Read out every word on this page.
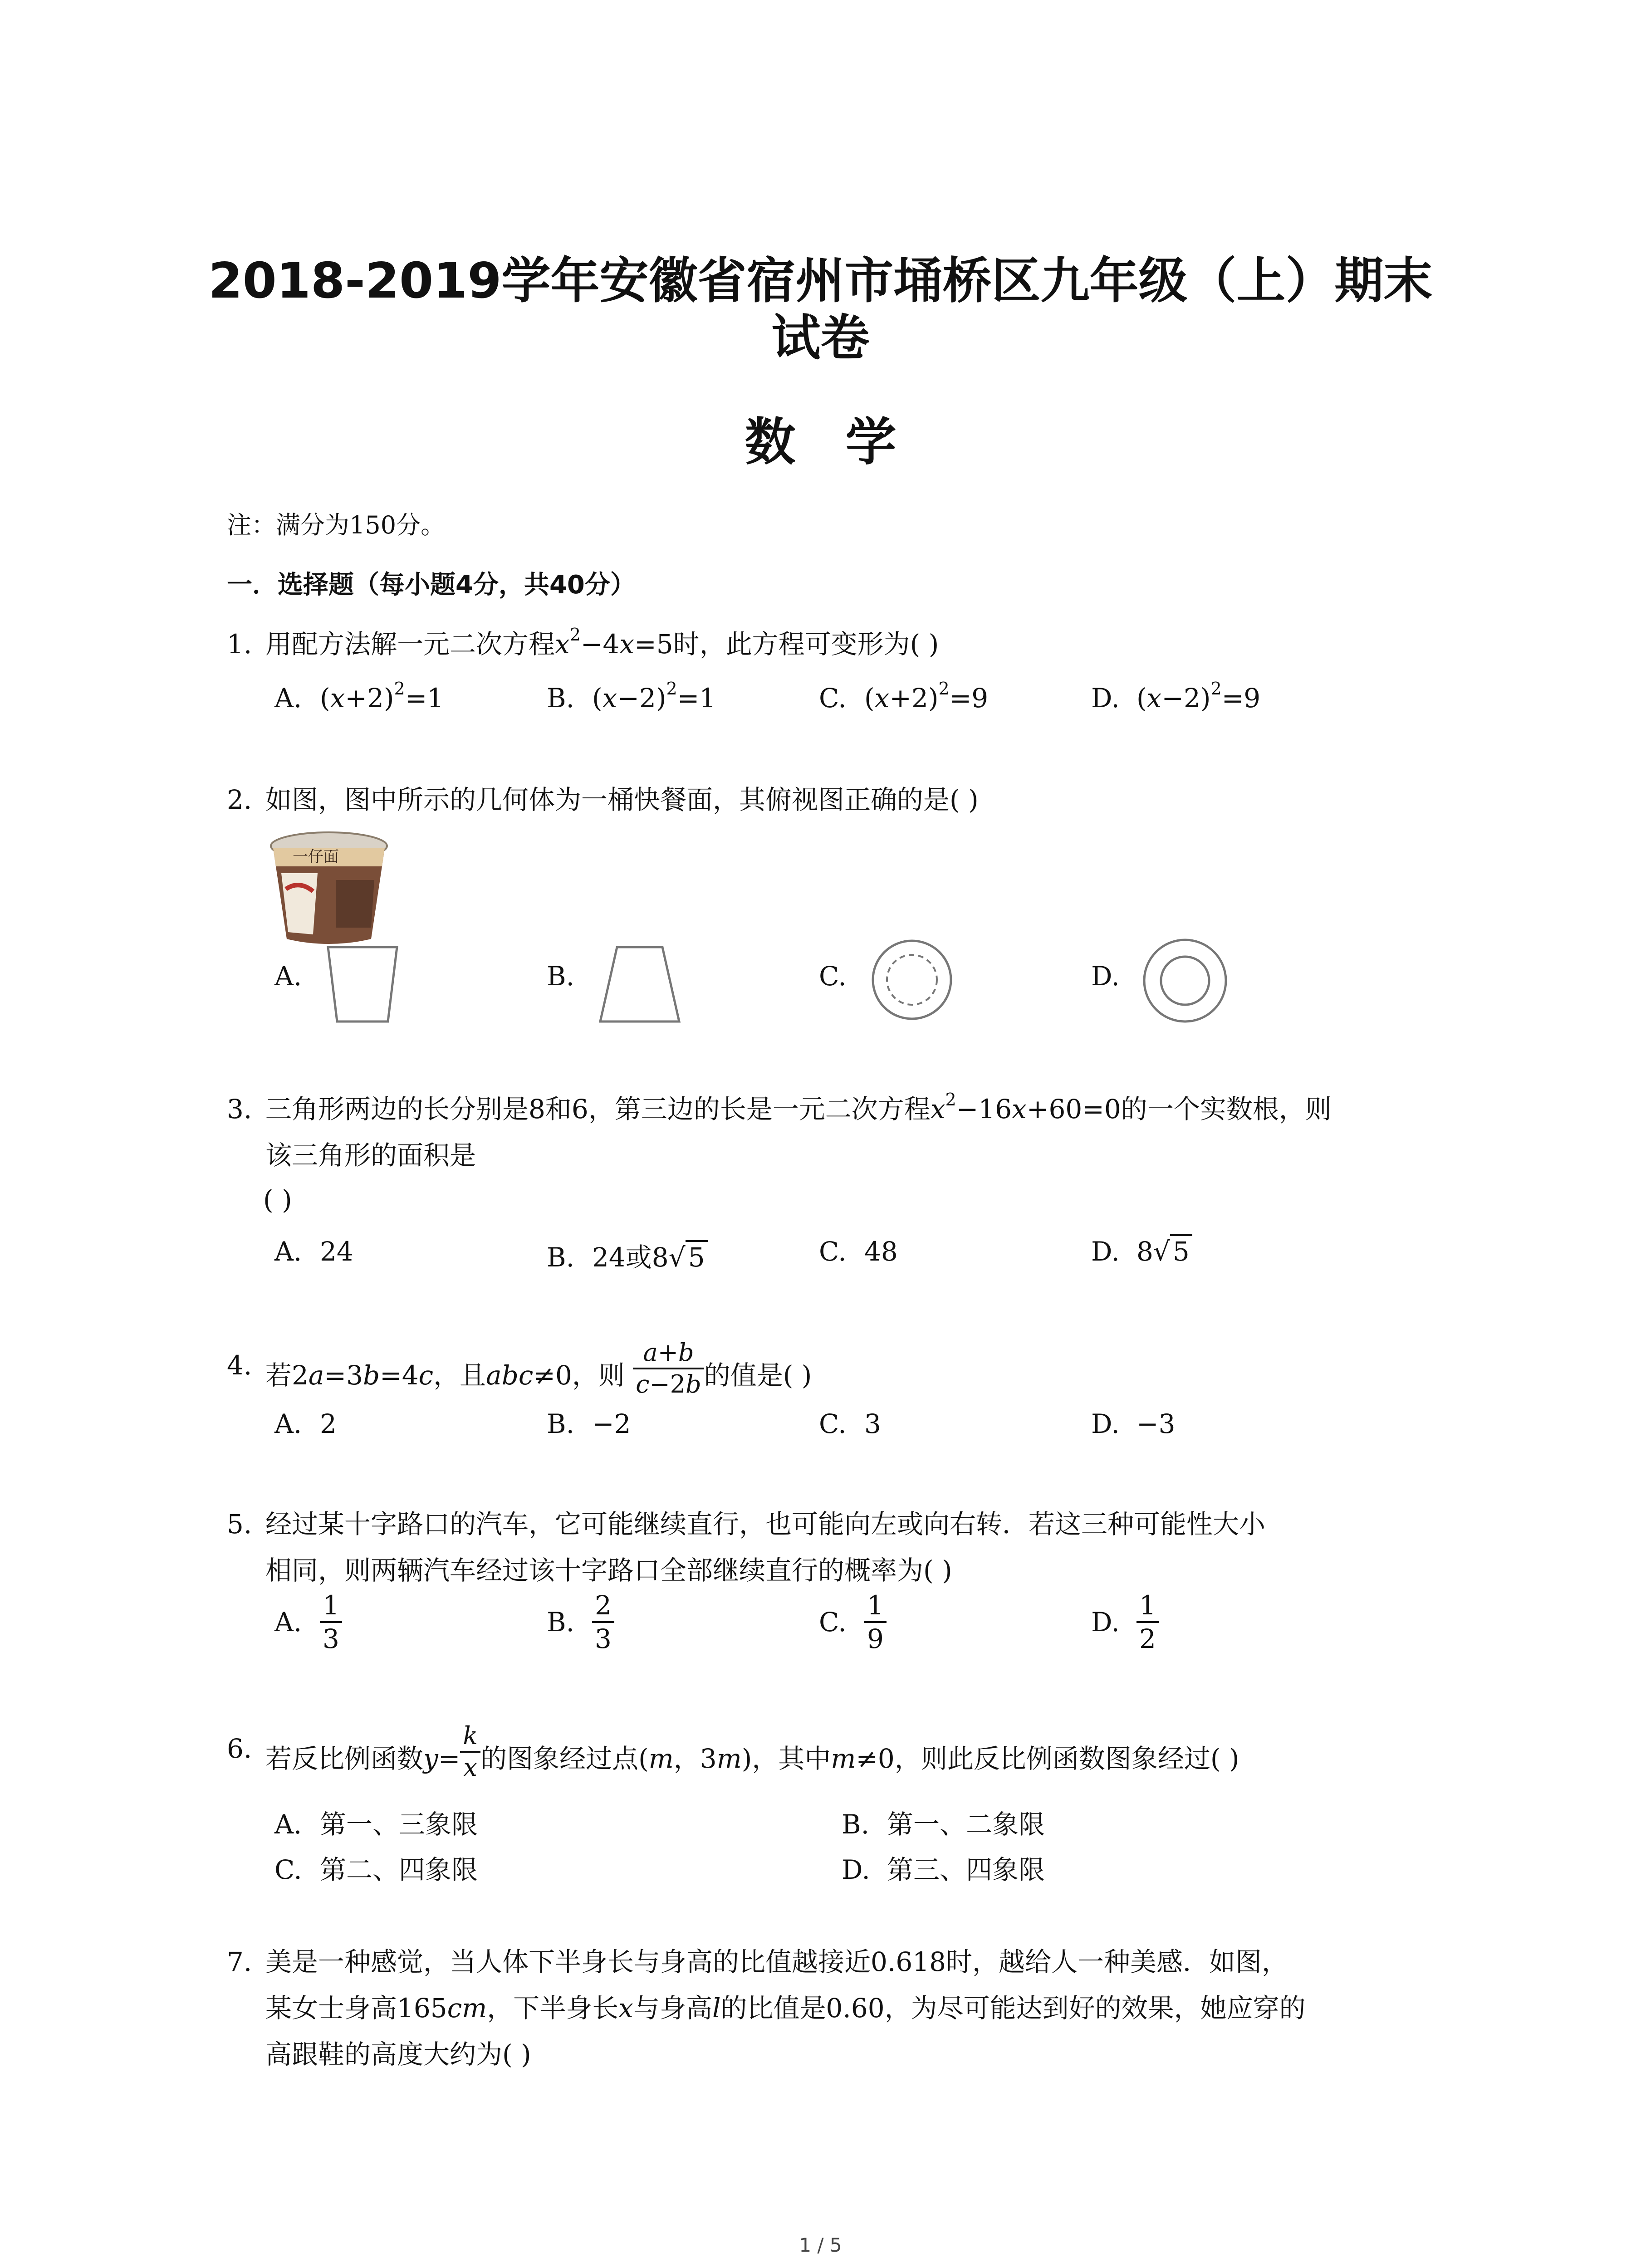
2018-2019学年安徽省宿州市埇桥区九年级（上）期末
试卷
数学
注：满分为150分。
一．选择题（每小题4分，共40分）
1. 用配方法解一元二次方程$x^2-4x=5$时，此方程可变形为( )
A. $(x+2)^2=1$	B. $(x-2)^2=1$	C. $(x+2)^2=9$	D. $(x-2)^2=9$
2. 如图，图中所示的几何体为一桶快餐面，其俯视图正确的是( )
一仔面
A.	B.	C.	D.
3. 三角形两边的长分别是8和6，第三边的长是一元二次方程$x^2-16x+60=0$的一个实数根，则
该三角形的面积是
( )
A. 24	B. 24或8√ 5	C. 48	D. 8√ 5
4. 若2a=3b=4c，且abc≠0，则 $\frac{a+b}{c-2b}$ 的值是( )
A. 2	B. −2	C. 3	D. −3
5. 经过某十字路口的汽车，它可能继续直行，也可能向左或向右转．若这三种可能性大小
相同，则两辆汽车经过该十字路口全部继续直行的概率为( )
A. $\frac{1}{3}$	B. $\frac{2}{3}$	C. $\frac{1}{9}$	D. $\frac{1}{2}$
6. 若反比例函数$y= \frac{k}{x}$ 的图象经过点(m，3m)，其中m≠0，则此反比例函数图象经过( )
A. 第一、三象限	B. 第一、二象限
C. 第二、四象限	D. 第三、四象限
7. 美是一种感觉，当人体下半身长与身高的比值越接近0.618时，越给人一种美感．如图，
某女士身高165cm，下半身长x与身高l的比值是0.60，为尽可能达到好的效果，她应穿的
高跟鞋的高度大约为( )
1 / 5
